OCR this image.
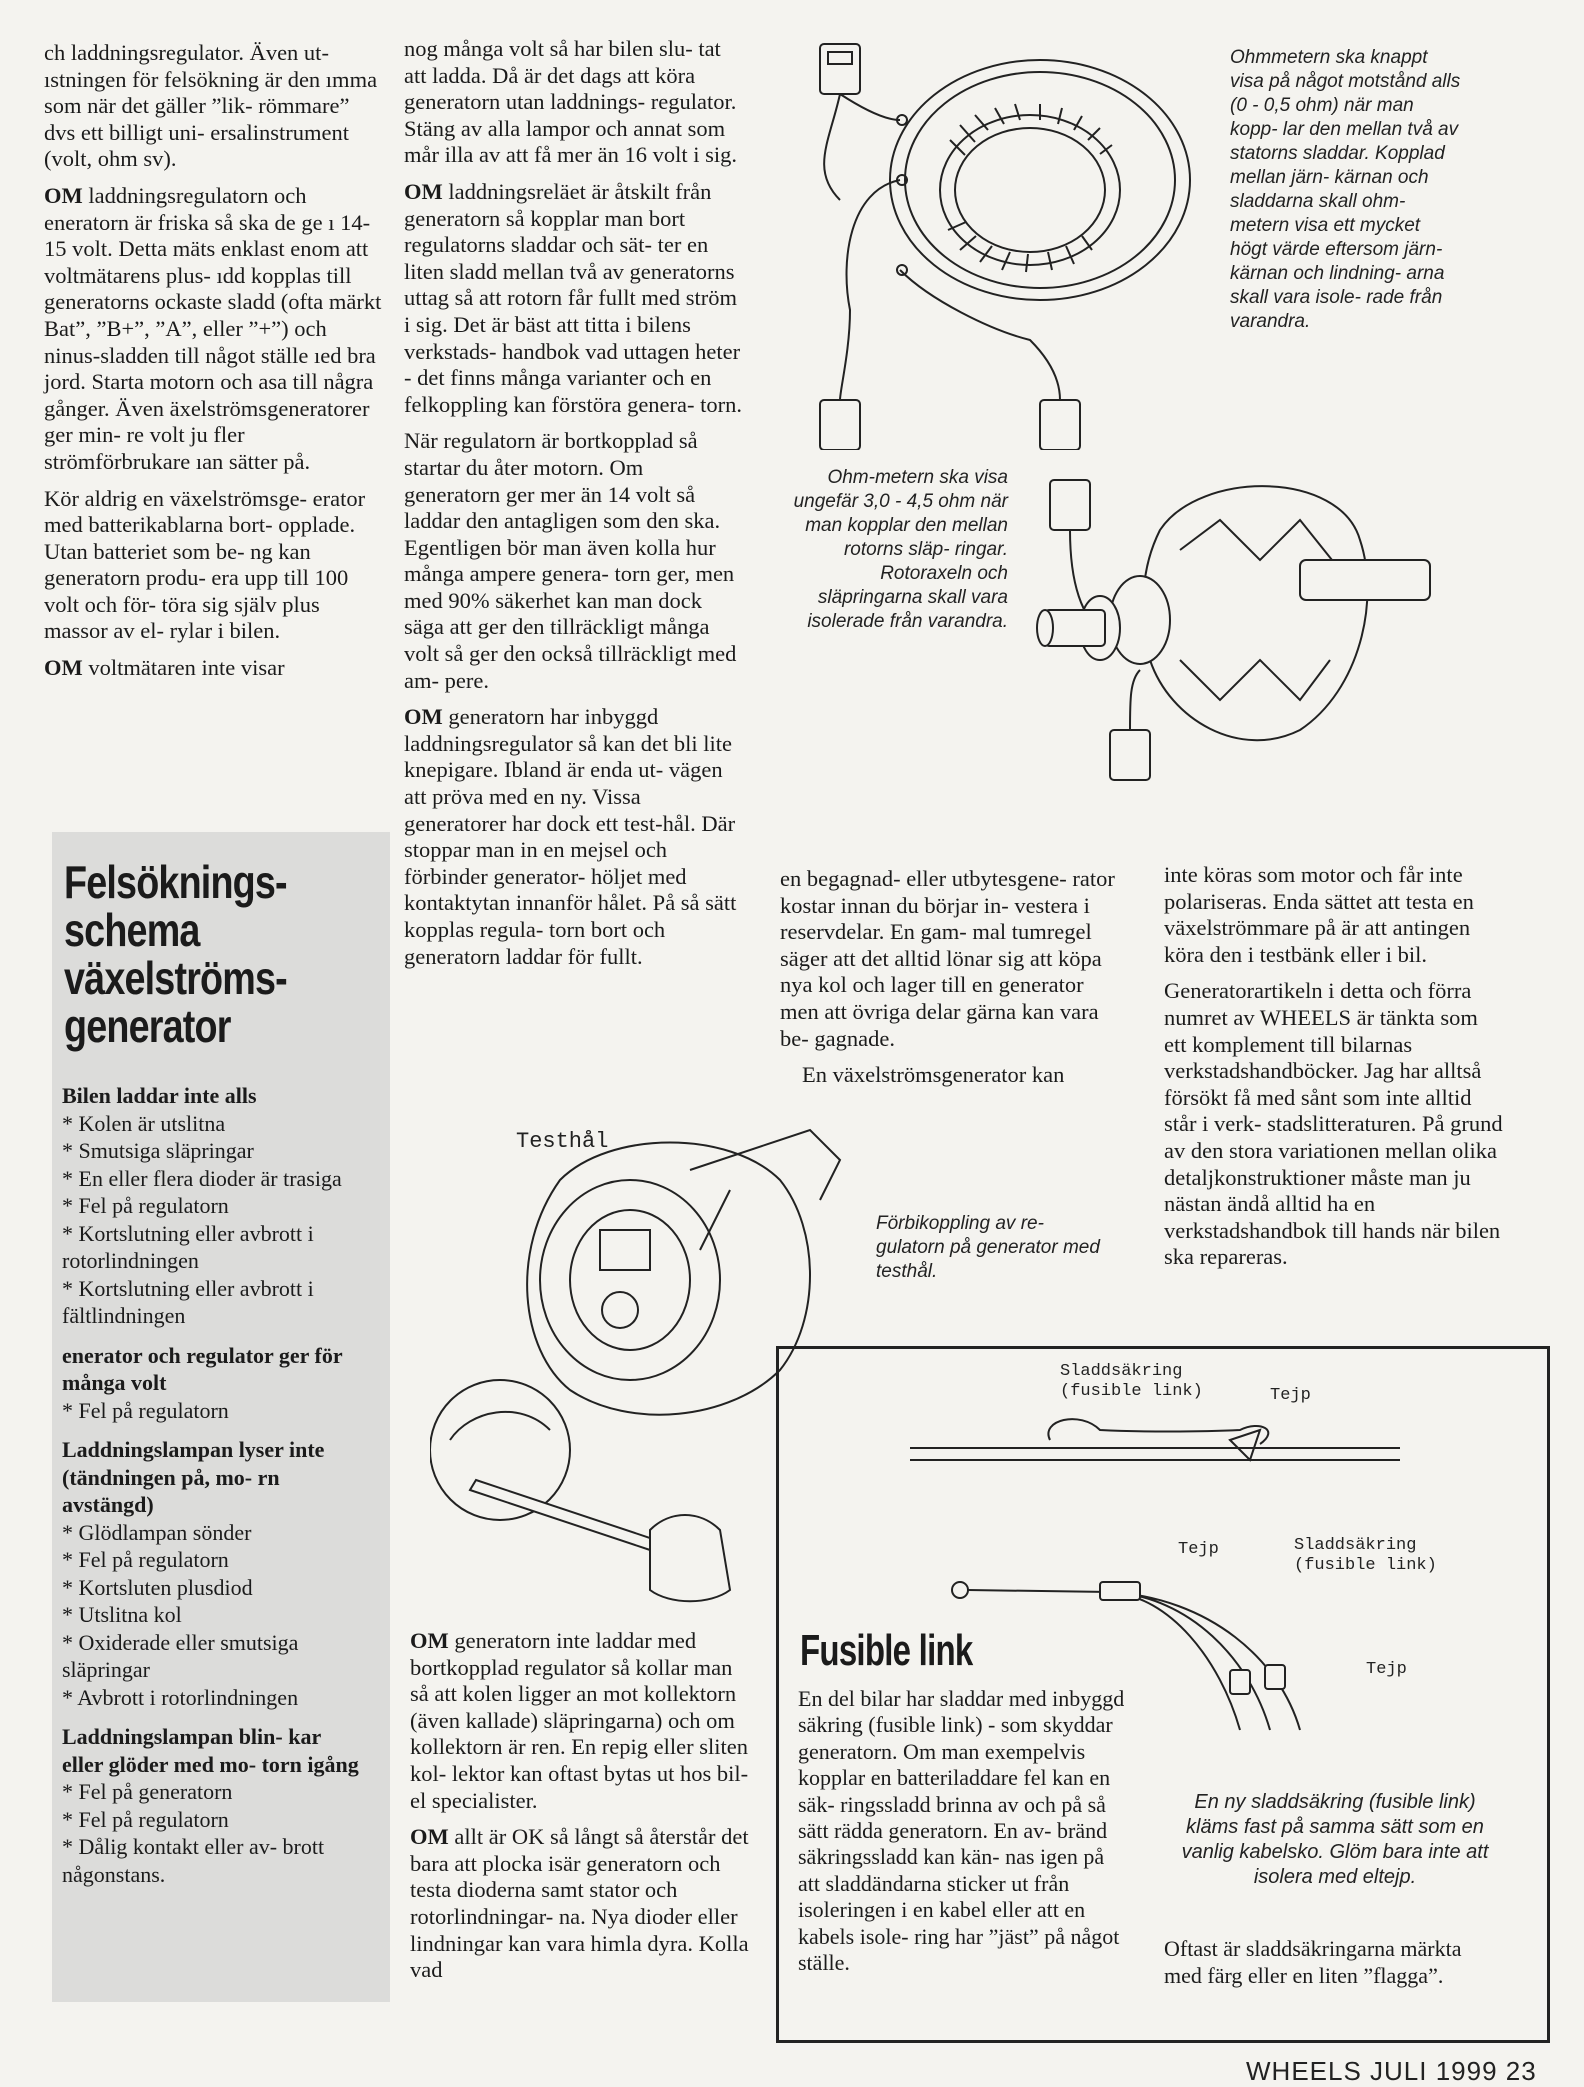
ch laddningsregulator. Även ut- ıstningen för felsökning är den ımma som när det gäller ”lik- römmare” dvs ett billigt uni- ersalinstrument (volt, ohm sv).

OM laddningsregulatorn och eneratorn är friska så ska de ge ı 14-15 volt. Detta mäts enklast enom att voltmätarens plus- ıdd kopplas till generatorns ockaste sladd (ofta märkt Bat”, ”B+”, ”A”, eller ”+”) och ninus-sladden till något ställe ıed bra jord. Starta motorn och asa till några gånger. Även äxelströmsgeneratorer ger min- re volt ju fler strömförbrukare ıan sätter på.

Kör aldrig en växelströmsge- erator med batterikablarna bort- opplade. Utan batteriet som be- ng kan generatorn produ- era upp till 100 volt och för- töra sig själv plus massor av el- rylar i bilen.

OM voltmätaren inte visar

Felsöknings-
schema
växelströms-
generator
Bilen laddar inte alls
* Kolen är utslitna
* Smutsiga släpringar
* En eller flera dioder är trasiga
* Fel på regulatorn
* Kortslutning eller avbrott i rotorlindningen
* Kortslutning eller avbrott i fältlindningen
enerator och regulator ger för många volt
* Fel på regulatorn
Laddningslampan lyser inte (tändningen på, mo- rn avstängd)
* Glödlampan sönder
* Fel på regulatorn
* Kortsluten plusdiod
* Utslitna kol
* Oxiderade eller smutsiga släpringar
* Avbrott i rotorlindningen
Laddningslampan blin- kar eller glöder med mo- torn igång
* Fel på generatorn
* Fel på regulatorn
* Dålig kontakt eller av- brott någonstans.

nog många volt så har bilen slu- tat att ladda. Då är det dags att köra generatorn utan laddnings- regulator. Stäng av alla lampor och annat som mår illa av att få mer än 16 volt i sig.

OM laddningsreläet är åtskilt från generatorn så kopplar man bort regulatorns sladdar och sät- ter en liten sladd mellan två av generatorns uttag så att rotorn får fullt med ström i sig. Det är bäst att titta i bilens verkstads- handbok vad uttagen heter - det finns många varianter och en felkoppling kan förstöra genera- torn.

När regulatorn är bortkopplad så startar du åter motorn. Om generatorn ger mer än 14 volt så laddar den antagligen som den ska. Egentligen bör man även kolla hur många ampere genera- torn ger, men med 90% säkerhet kan man dock säga att ger den tillräckligt många volt så ger den också tillräckligt med am- pere.

OM generatorn har inbyggd laddningsregulator så kan det bli lite knepigare. Ibland är enda ut- vägen att pröva med en ny. Vissa generatorer har dock ett test-hål. Där stoppar man in en mejsel och förbinder generator- höljet med kontaktytan innanför hålet. På så sätt kopplas regula- torn bort och generatorn laddar för fullt.

OM generatorn inte laddar med bortkopplad regulator så kollar man så att kolen ligger an mot kollektorn (även kallade) släpringarna) och om kollektorn är ren. En repig eller sliten kol- lektor kan oftast bytas ut hos bil- el specialister.

OM allt är OK så långt så återstår det bara att plocka isär generatorn och testa dioderna samt stator och rotorlindningar- na. Nya dioder eller lindningar kan vara himla dyra. Kolla vad

en begagnad- eller utbytesgene- rator kostar innan du börjar in- vestera i reservdelar. En gam- mal tumregel säger att det alltid lönar sig att köpa nya kol och lager till en generator men att övriga delar gärna kan vara be- gagnade.

En växelströmsgenerator kan

inte köras som motor och får inte polariseras. Enda sättet att testa en växelströmmare på är att antingen köra den i testbänk eller i bil.

Generatorartikeln i detta och förra numret av WHEELS är tänkta som ett komplement till bilarnas verkstadshandböcker. Jag har alltså försökt få med sånt som inte alltid står i verk- stadslitteraturen. På grund av den stora variationen mellan olika detaljkonstruktioner måste man ju nästan ändå alltid ha en verkstadshandbok till hands när bilen ska repareras.

Testhål
Ohmmetern ska knappt visa på något motstånd alls (0 - 0,5 ohm) när man kopp- lar den mellan två av statorns sladdar. Kopplad mellan järn- kärnan och sladdarna skall ohm-metern visa ett mycket högt värde eftersom järn- kärnan och lindning- arna skall vara isole- rade från varandra.
Ohm-metern ska visa ungefär 3,0 - 4,5 ohm när man kopplar den mellan rotorns släp- ringar. Rotoraxeln och släpringarna skall vara isolerade från varandra.
Förbikoppling av re- gulatorn på generator med testhål.
Fusible link
En del bilar har sladdar med inbyggd säkring (fusible link) - som skyddar generatorn. Om man exempelvis kopplar en batteriladdare fel kan en säk- ringssladd brinna av och på så sätt rädda generatorn. En av- bränd säkringssladd kan kän- nas igen på att sladdändarna sticker ut från isoleringen i en kabel eller att en kabels isole- ring har ”jäst” på något ställe.
Sladdsäkring (fusible link)	Tejp
Tejp	Sladdsäkring (fusible link)
Tejp
En ny sladdsäkring (fusible link) kläms fast på samma sätt som en vanlig kabelsko. Glöm bara inte att isolera med eltejp.
Oftast är sladdsäkringarna märkta med färg eller en liten ”flagga”.
WHEELS JULI 1999 23
